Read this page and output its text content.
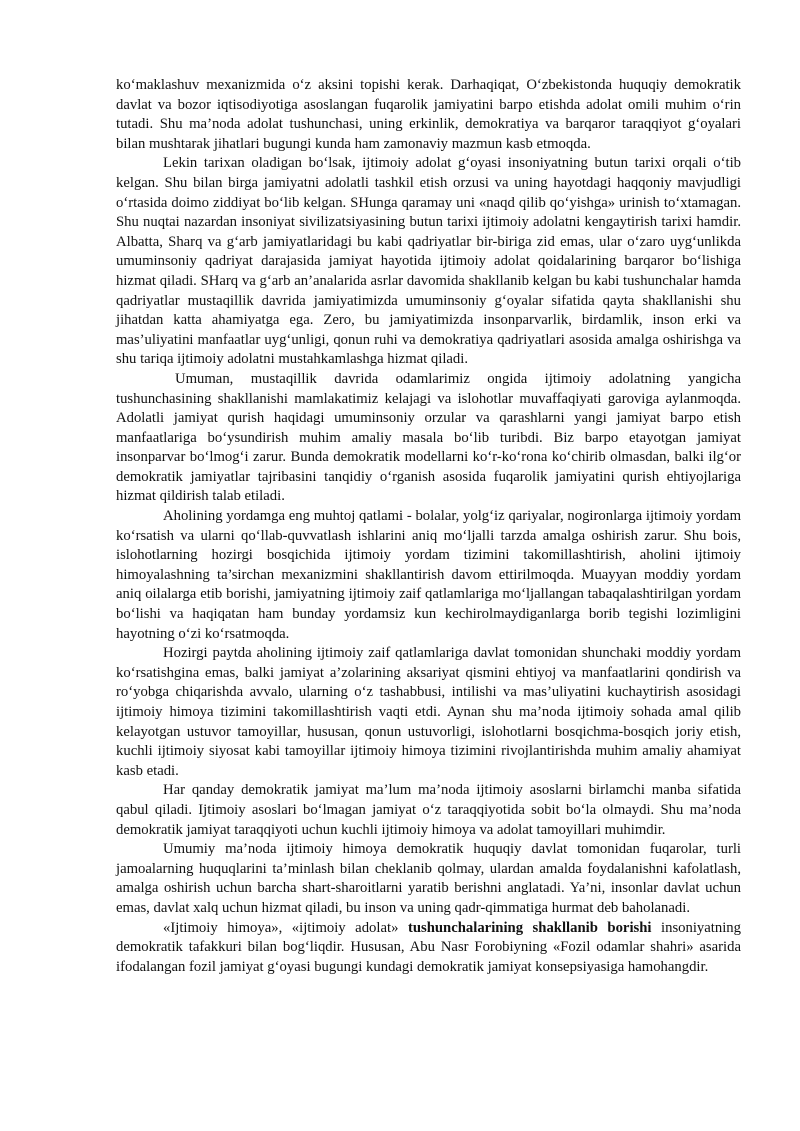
ko‘maklashuv mexanizmida o‘z aksini topishi kerak. Darhaqiqat, O‘zbekistonda huquqiy demokratik davlat va bozor iqtisodiyotiga asoslangan fuqarolik jamiyatini barpo etishda adolat omili muhim o‘rin tutadi. Shu ma’noda adolat tushunchasi, uning erkinlik, demokratiya va barqaror taraqqiyot g‘oyalari bilan mushtarak jihatlari bugungi kunda ham zamonaviy mazmun kasb etmoqda.

Lekin tarixan oladigan bo‘lsak, ijtimoiy adolat g‘oyasi insoniyatning butun tarixi orqali o‘tib kelgan. Shu bilan birga jamiyatni adolatli tashkil etish orzusi va uning hayotdagi haqqoniy mavjudligi o‘rtasida doimo ziddiyat bo‘lib kelgan. SHunga qaramay uni «naqd qilib qo‘yishga» urinish to‘xtamagan. Shu nuqtai nazardan insoniyat sivilizatsiyasining butun tarixi ijtimoiy adolatni kengaytirish tarixi hamdir. Albatta, Sharq va g‘arb jamiyatlaridagi bu kabi qadriyatlar bir-biriga zid emas, ular o‘zaro uyg‘unlikda umuminsoniy qadriyat darajasida jamiyat hayotida ijtimoiy adolat qoidalarining barqaror bo‘lishiga hizmat qiladi. SHarq va g‘arb an’analarida asrlar davomida shakllanib kelgan bu kabi tushunchalar hamda qadriyatlar mustaqillik davrida jamiyatimizda umuminsoniy g‘oyalar sifatida qayta shakllanishi shu jihatdan katta ahamiyatga ega. Zero, bu jamiyatimizda insonparvarlik, birdamlik, inson erki va mas’uliyatini manfaatlar uyg‘unligi, qonun ruhi va demokratiya qadriyatlari asosida amalga oshirishga va shu tariqa ijtimoiy adolatni mustahkamlashga hizmat qiladi.

Umuman, mustaqillik davrida odamlarimiz ongida ijtimoiy adolatning yangicha tushunchasining shakllanishi mamlakatimiz kelajagi va islohotlar muvaffaqiyati garoviga aylanmoqda. Adolatli jamiyat qurish haqidagi umuminsoniy orzular va qarashlarni yangi jamiyat barpo etish manfaatlariga bo‘ysundirish muhim amaliy masala bo‘lib turibdi. Biz barpo etayotgan jamiyat insonparvar bo‘lmog‘i zarur. Bunda demokratik modellarni ko‘r-ko‘rona ko‘chirib olmasdan, balki ilg‘or demokratik jamiyatlar tajribasini tanqidiy o‘rganish asosida fuqarolik jamiyatini qurish ehtiyojlariga hizmat qildirish talab etiladi.

Aholining yordamga eng muhtoj qatlami - bolalar, yolg‘iz qariyalar, nogironlarga ijtimoiy yordam ko‘rsatish va ularni qo‘llab-quvvatlash ishlarini aniq mo‘ljalli tarzda amalga oshirish zarur. Shu bois, islohotlarning hozirgi bosqichida ijtimoiy yordam tizimini takomillashtirish, aholini ijtimoiy himoyalashning ta’sirchan mexanizmini shakllantirish davom ettirilmoqda. Muayyan moddiy yordam aniq oilalarga etib borishi, jamiyatning ijtimoiy zaif qatlamlariga mo‘ljallangan tabaqalashtirilgan yordam bo‘lishi va haqiqatan ham bunday yordamsiz kun kechirolmaydiganlarga borib tegishi lozimligini hayotning o‘zi ko‘rsatmoqda.

Hozirgi paytda aholining ijtimoiy zaif qatlamlariga davlat tomonidan shunchaki moddiy yordam ko‘rsatishgina emas, balki jamiyat a’zolarining aksariyat qismini ehtiyoj va manfaatlarini qondirish va ro‘yobga chiqarishda avvalo, ularning o‘z tashabbusi, intilishi va mas’uliyatini kuchaytirish asosidagi ijtimoiy himoya tizimini takomillashtirish vaqti etdi. Aynan shu ma’noda ijtimoiy sohada amal qilib kelayotgan ustuvor tamoyillar, hususan, qonun ustuvorligi, islohotlarni bosqichma-bosqich joriy etish, kuchli ijtimoiy siyosat kabi tamoyillar ijtimoiy himoya tizimini rivojlantirishda muhim amaliy ahamiyat kasb etadi.

Har qanday demokratik jamiyat ma’lum ma’noda ijtimoiy asoslarni birlamchi manba sifatida qabul qiladi. Ijtimoiy asoslari bo‘lmagan jamiyat o‘z taraqqiyotida sobit bo‘la olmaydi. Shu ma’noda demokratik jamiyat taraqqiyoti uchun kuchli ijtimoiy himoya va adolat tamoyillari muhimdir.

Umumiy ma’noda ijtimoiy himoya demokratik huquqiy davlat tomonidan fuqarolar, turli jamoalarning huquqlarini ta’minlash bilan cheklanib qolmay, ulardan amalda foydalanishni kafolatlash, amalga oshirish uchun barcha shart-sharoitlarni yaratib berishni anglatadi. Ya’ni, insonlar davlat uchun emas, davlat xalq uchun hizmat qiladi, bu inson va uning qadr-qimmatiga hurmat deb baholanadi.

«Ijtimoiy himoya», «ijtimoiy adolat» tushunchalarining shakllanib borishi insoniyatning demokratik tafakkuri bilan bog‘liqdir. Hususan, Abu Nasr Forobiyning «Fozil odamlar shahri» asarida ifodalangan fozil jamiyat g‘oyasi bugungi kundagi demokratik jamiyat konsepsiyasiga hamohangdir.
